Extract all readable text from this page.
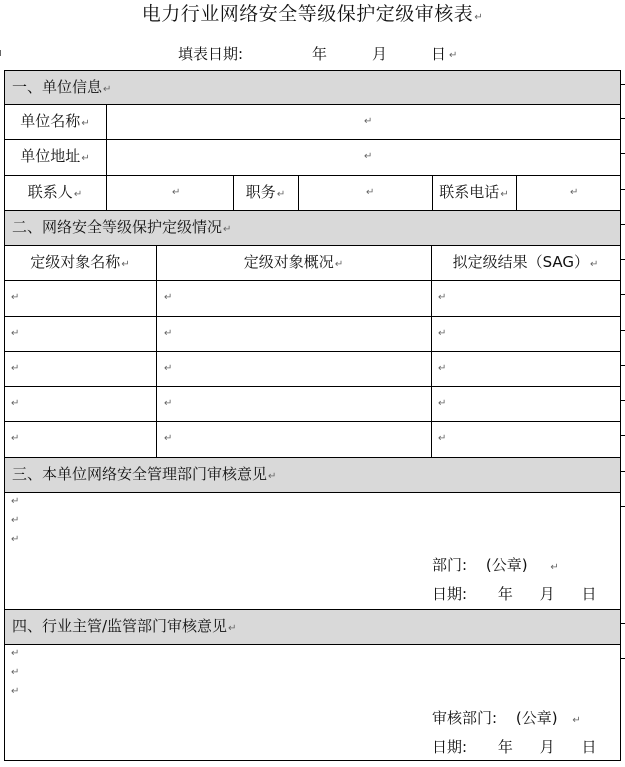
电力行业网络安全等级保护定级审核表↵
填表日期:	年	月	日 ↵
一、单位信息↵
单位名称↵	↵
单位地址↵	↵
联系人↵	↵	职务↵	↵	联系电话↵	↵
二、网络安全等级保护定级情况↵
定级对象名称↵	定级对象概况↵	拟定级结果（SAG）↵
↵	↵	↵
↵	↵	↵
↵	↵	↵
↵	↵	↵
↵	↵	↵
三、本单位网络安全管理部门审核意见↵
↵
↵
↵
部门: (公章) ↵
日期: 年 月 日
四、行业主管/监管部门审核意见↵
↵
↵
↵
审核部门: (公章) ↵
日期: 年 月 日
